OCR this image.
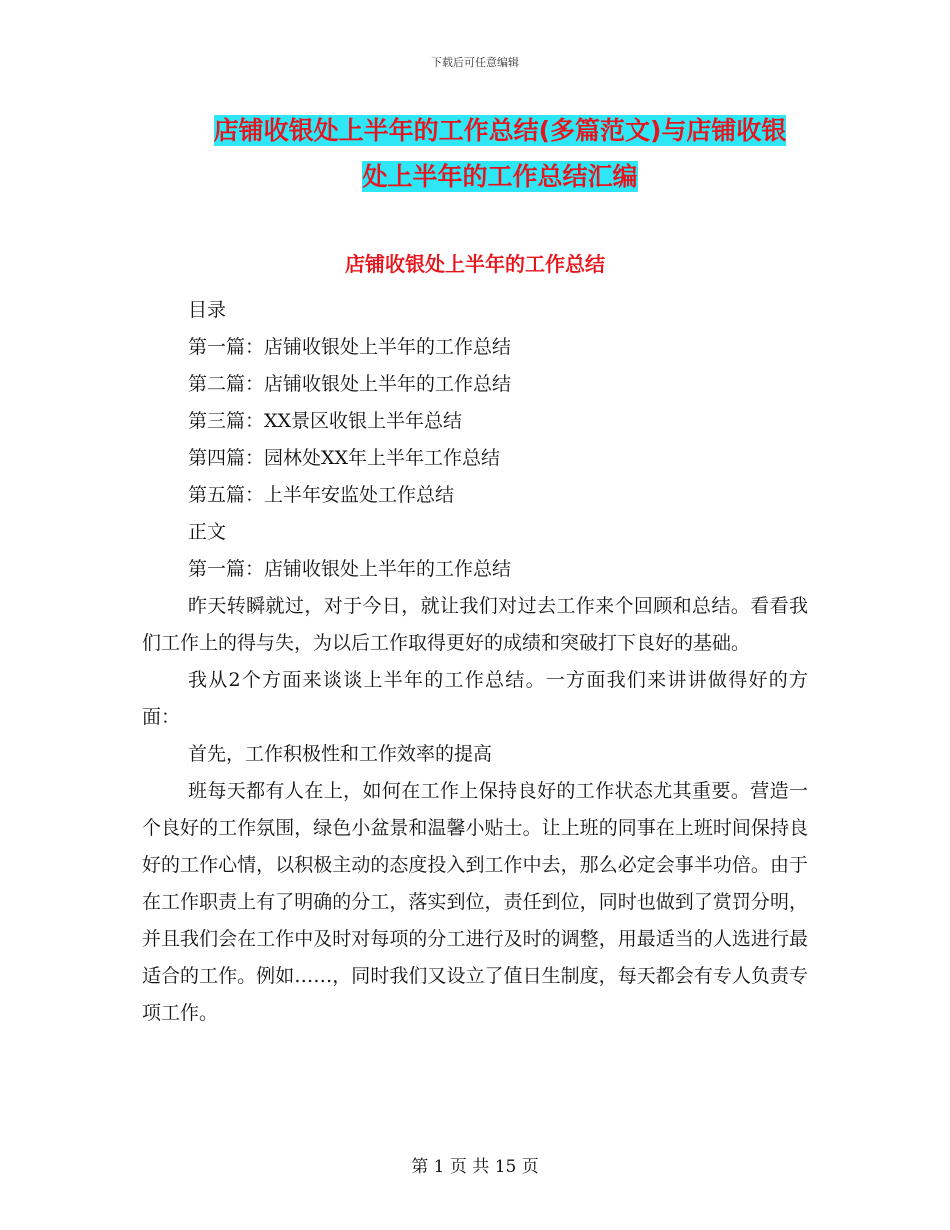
下载后可任意编辑
店铺收银处上半年的工作总结(多篇范文)与店铺收银
处上半年的工作总结汇编
店铺收银处上半年的工作总结

目录

第一篇：店铺收银处上半年的工作总结

第二篇：店铺收银处上半年的工作总结

第三篇：XX景区收银上半年总结

第四篇：园林处XX年上半年工作总结

第五篇：上半年安监处工作总结

正文

第一篇：店铺收银处上半年的工作总结

昨天转瞬就过，对于今日，就让我们对过去工作来个回顾和总结。看看我们工作上的得与失，为以后工作取得更好的成绩和突破打下良好的基础。

我从2个方面来谈谈上半年的工作总结。一方面我们来讲讲做得好的方面：

首先，工作积极性和工作效率的提高

班每天都有人在上，如何在工作上保持良好的工作状态尤其重要。营造一个良好的工作氛围，绿色小盆景和温馨小贴士。让上班的同事在上班时间保持良好的工作心情，以积极主动的态度投入到工作中去，那么必定会事半功倍。由于在工作职责上有了明确的分工，落实到位，责任到位，同时也做到了赏罚分明，并且我们会在工作中及时对每项的分工进行及时的调整，用最适当的人选进行最适合的工作。例如……，同时我们又设立了值日生制度，每天都会有专人负责专项工作。

第 1 页 共 15 页
